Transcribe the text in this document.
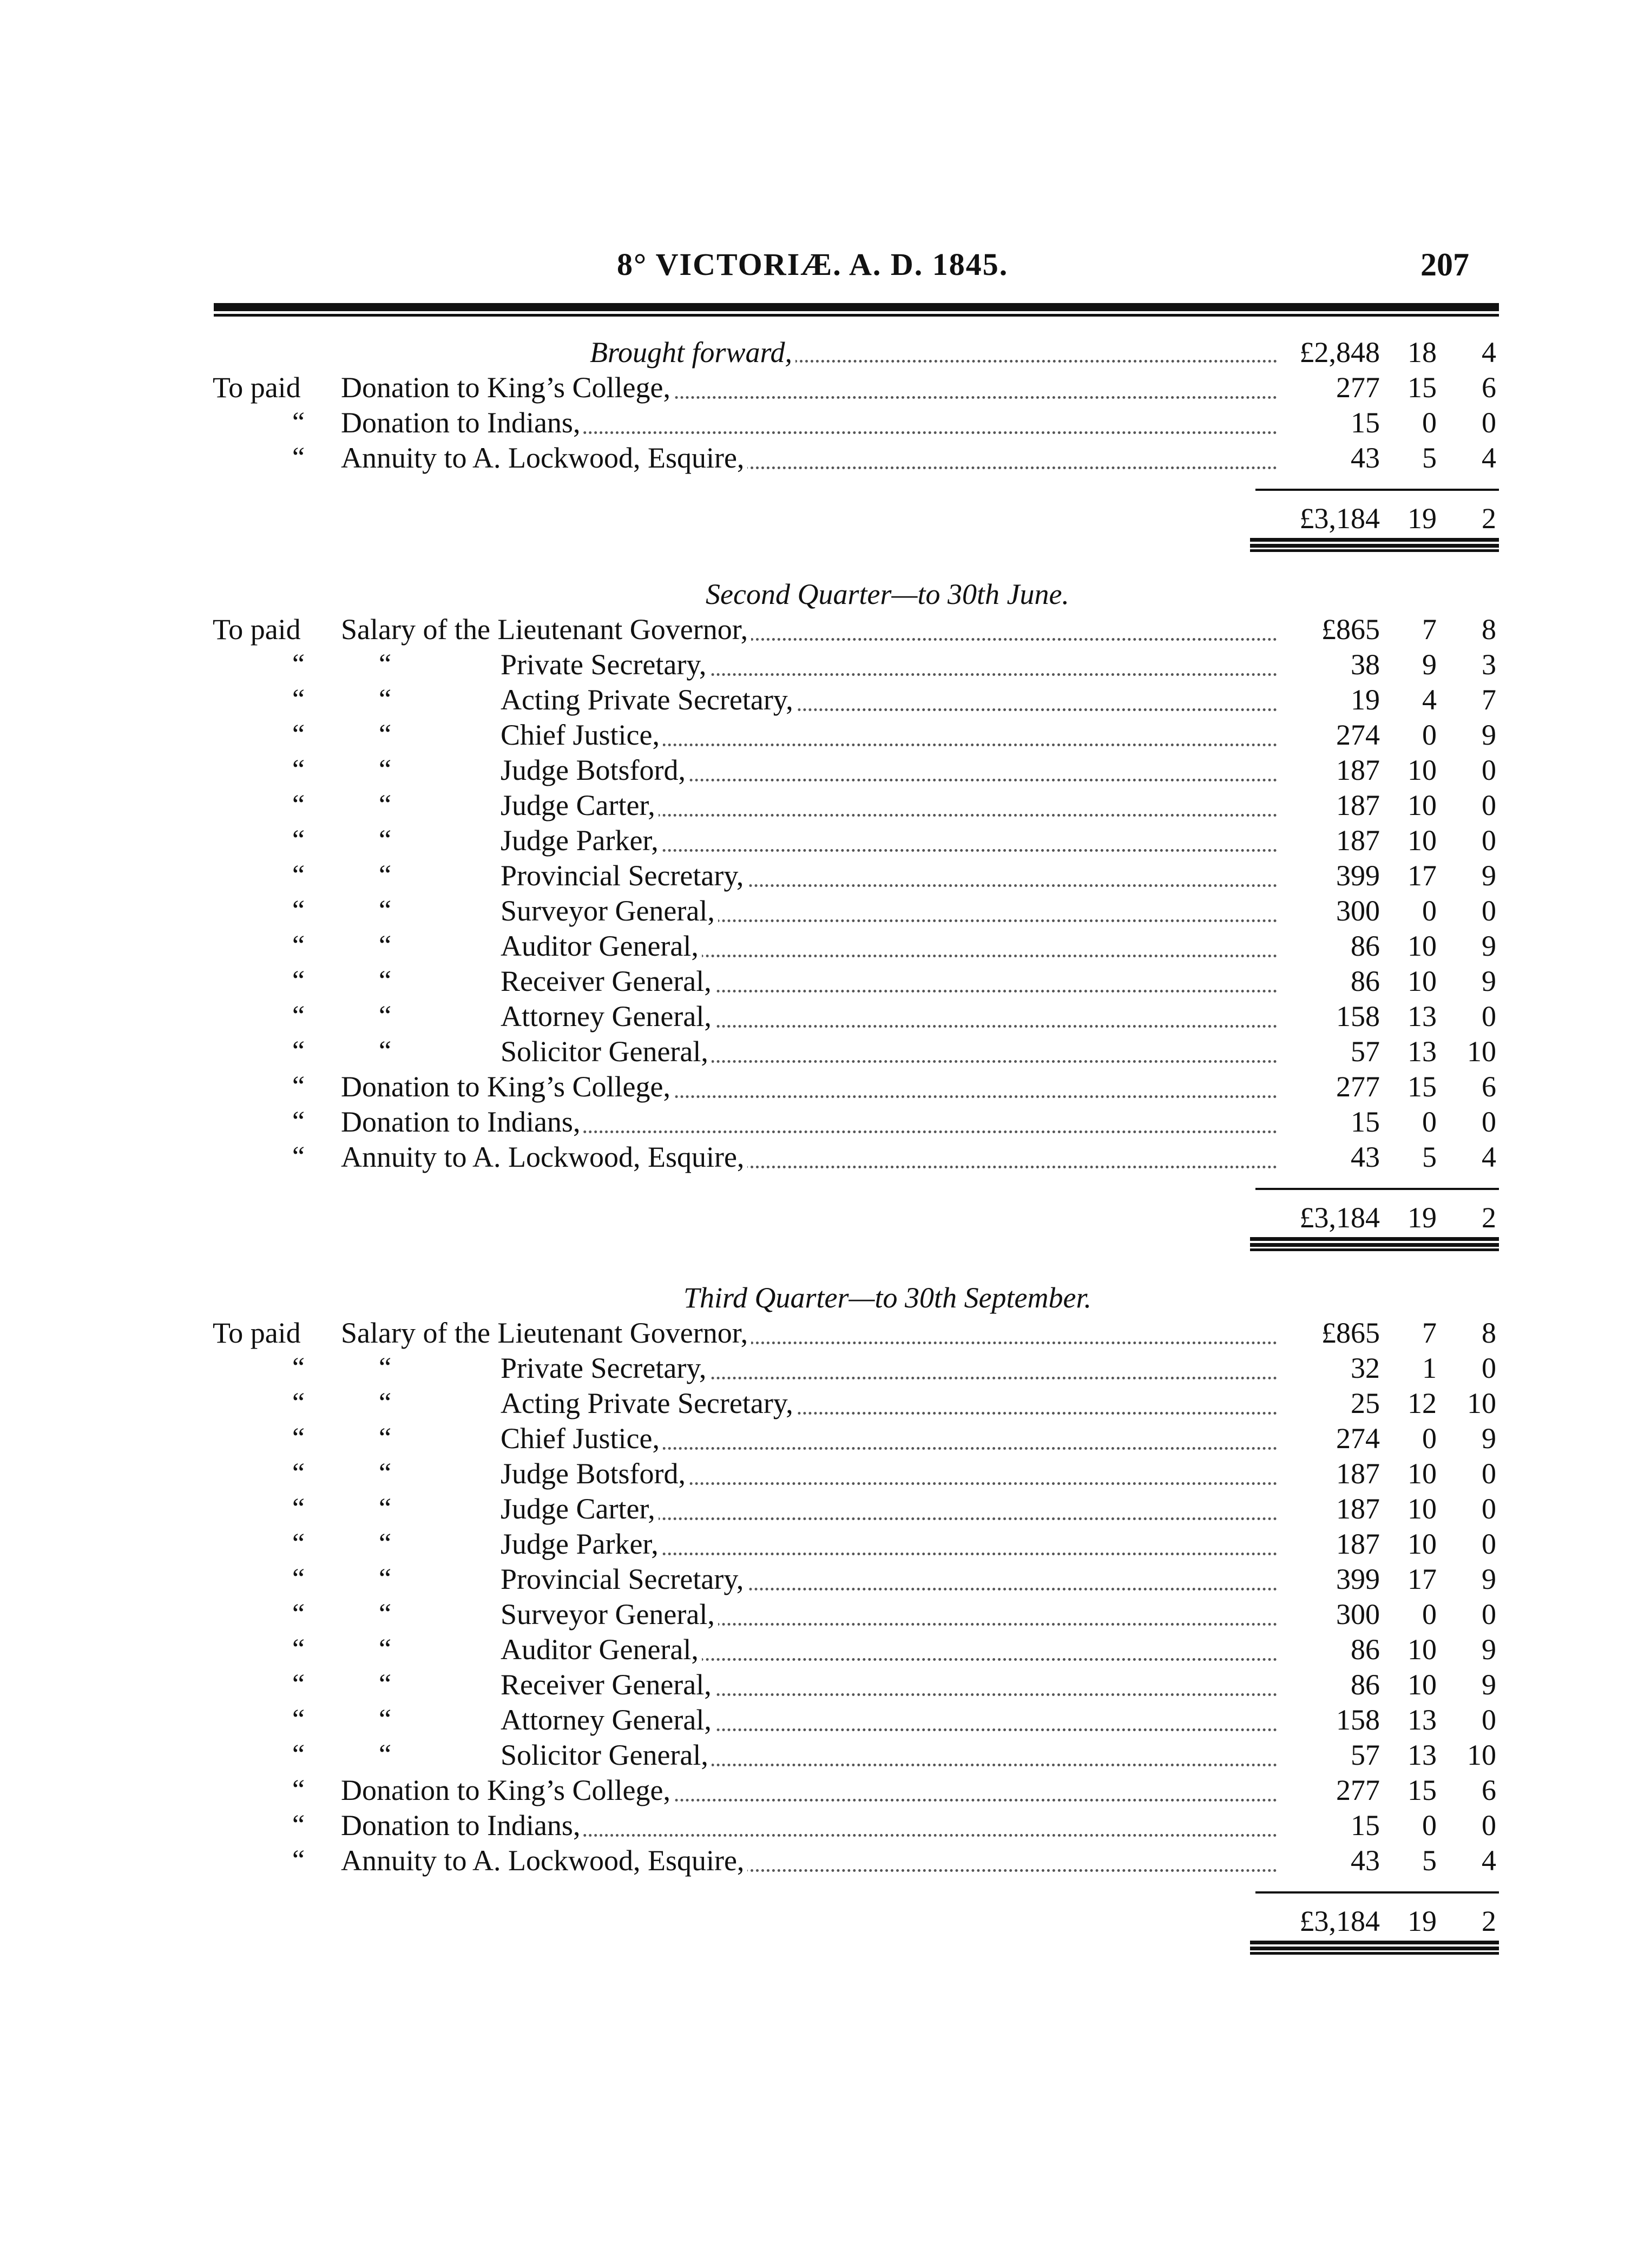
8° VICTORIÆ. A. D. 1845.	207
Brought forward,	£2,848 18	4
To paid Donation to King’s College,	277 15	6
“ Donation to Indians,	15	0	0
“ Annuity to A. Lockwood, Esquire,	43	5	4
£3,184 19	2
Second Quarter—to 30th June.
To paid Salary of the Lieutenant Governor,	£865	7	8
“	“	Private Secretary,	38	9	3
“	“	Acting Private Secretary,	19	4	7
“	“	Chief Justice,	274	0	9
“	“	Judge Botsford,	187 10	0
“	“	Judge Carter,	187 10	0
“	“	Judge Parker,	187 10	0
“	“	Provincial Secretary,	399 17	9
“	“	Surveyor General,	300	0	0
“	“	Auditor General,	86 10	9
“	“	Receiver General,	86 10	9
“	“	Attorney General,	158 13	0
“	“	Solicitor General,	57 13	10
“ Donation to King’s College,	277 15	6
“ Donation to Indians,	15	0	0
“ Annuity to A. Lockwood, Esquire,	43	5	4
£3,184 19	2
Third Quarter—to 30th September.
To paid Salary of the Lieutenant Governor,	£865	7	8
“	“	Private Secretary,	32	1	0
“	“	Acting Private Secretary,	25 12	10
“	“	Chief Justice,	274	0	9
“	“	Judge Botsford,	187 10	0
“	“	Judge Carter,	187 10	0
“	“	Judge Parker,	187 10	0
“	“	Provincial Secretary,	399 17	9
“	“	Surveyor General,	300	0	0
“	“	Auditor General,	86 10	9
“	“	Receiver General,	86 10	9
“	“	Attorney General,	158 13	0
“	“	Solicitor General,	57 13	10
“ Donation to King’s College,	277 15	6
“ Donation to Indians,	15	0	0
“ Annuity to A. Lockwood, Esquire,	43	5	4
£3,184 19	2
